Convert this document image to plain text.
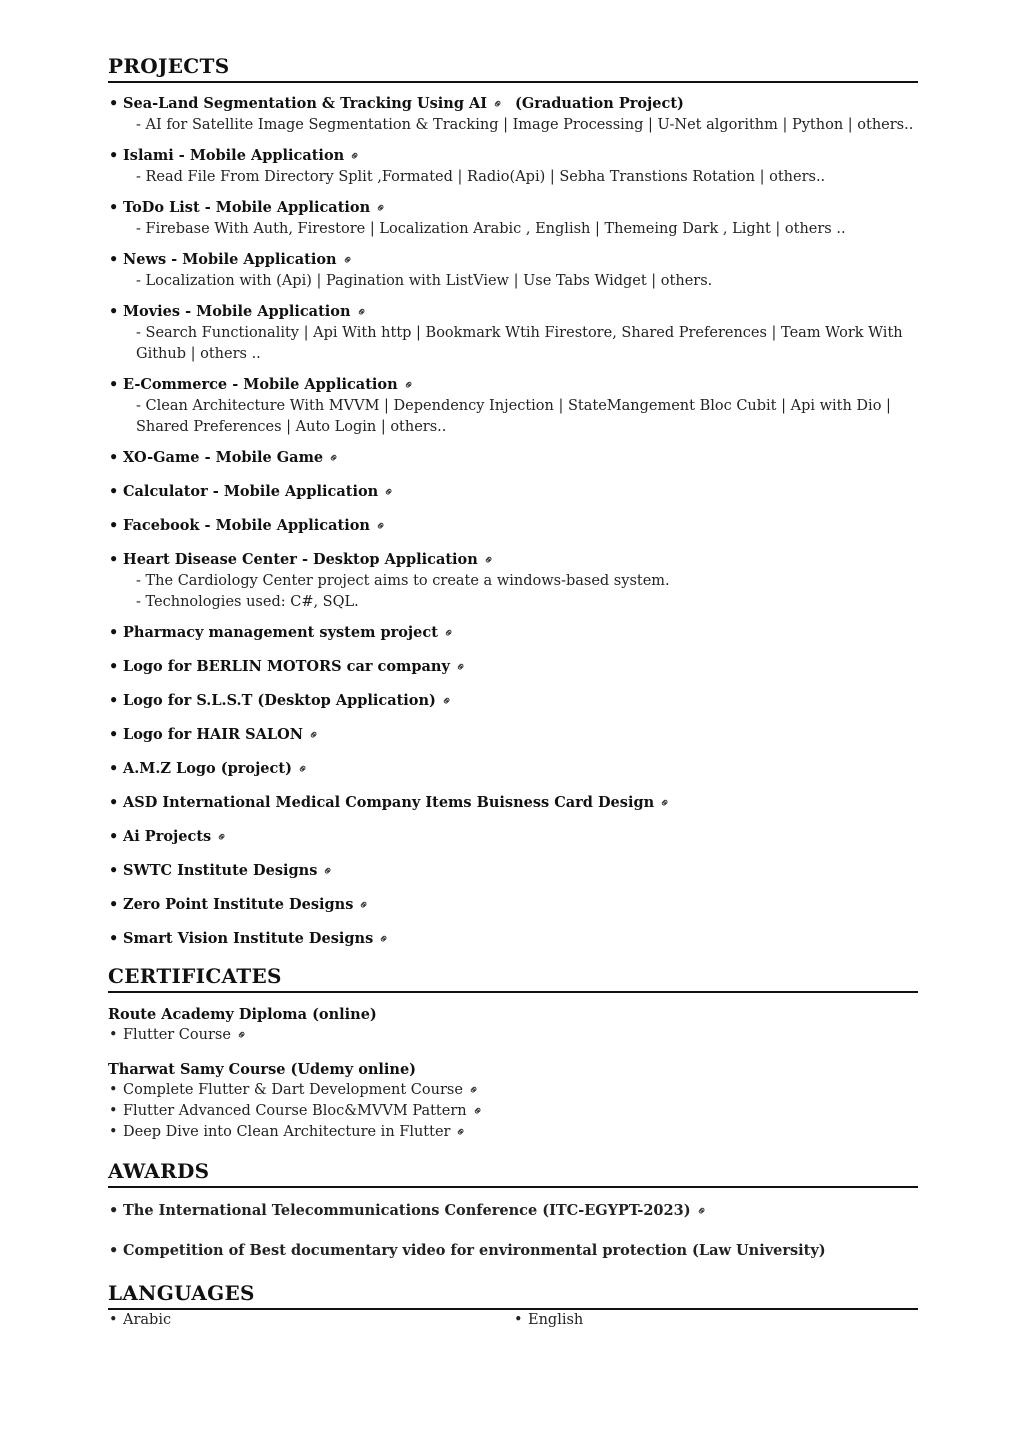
PROJECTS
• Sea-Land Segmentation & Tracking Using AI ⚭ (Graduation Project)
- AI for Satellite Image Segmentation & Tracking | Image Processing | U-Net algorithm | Python | others..
• Islami - Mobile Application ⚭
- Read File From Directory Split ,Formated | Radio(Api) | Sebha Transtions Rotation | others..
• ToDo List - Mobile Application ⚭
- Firebase With Auth, Firestore | Localization Arabic , English | Themeing Dark , Light | others ..
• News - Mobile Application ⚭
- Localization with (Api) | Pagination with ListView | Use Tabs Widget | others.
• Movies - Mobile Application ⚭
- Search Functionality | Api With http | Bookmark Wtih Firestore, Shared Preferences | Team Work With
Github | others ..
• E-Commerce - Mobile Application ⚭
- Clean Architecture With MVVM | Dependency Injection | StateMangement Bloc Cubit | Api with Dio |
Shared Preferences | Auto Login | others..
• XO-Game - Mobile Game ⚭
• Calculator - Mobile Application ⚭
• Facebook - Mobile Application ⚭
• Heart Disease Center - Desktop Application ⚭
- The Cardiology Center project aims to create a windows-based system.
- Technologies used: C#, SQL.
• Pharmacy management system project ⚭
• Logo for BERLIN MOTORS car company ⚭
• Logo for S.L.S.T (Desktop Application) ⚭
• Logo for HAIR SALON ⚭
• A.M.Z Logo (project) ⚭
• ASD International Medical Company Items Buisness Card Design ⚭
• Ai Projects ⚭
• SWTC Institute Designs ⚭
• Zero Point Institute Designs ⚭
• Smart Vision Institute Designs ⚭
CERTIFICATES
Route Academy Diploma (online)
• Flutter Course ⚭
Tharwat Samy Course (Udemy online)
• Complete Flutter & Dart Development Course ⚭
• Flutter Advanced Course Bloc&MVVM Pattern ⚭
• Deep Dive into Clean Architecture in Flutter ⚭
AWARDS
• The International Telecommunications Conference (ITC-EGYPT-2023) ⚭
• Competition of Best documentary video for environmental protection (Law University)
LANGUAGES
• Arabic
•	English
